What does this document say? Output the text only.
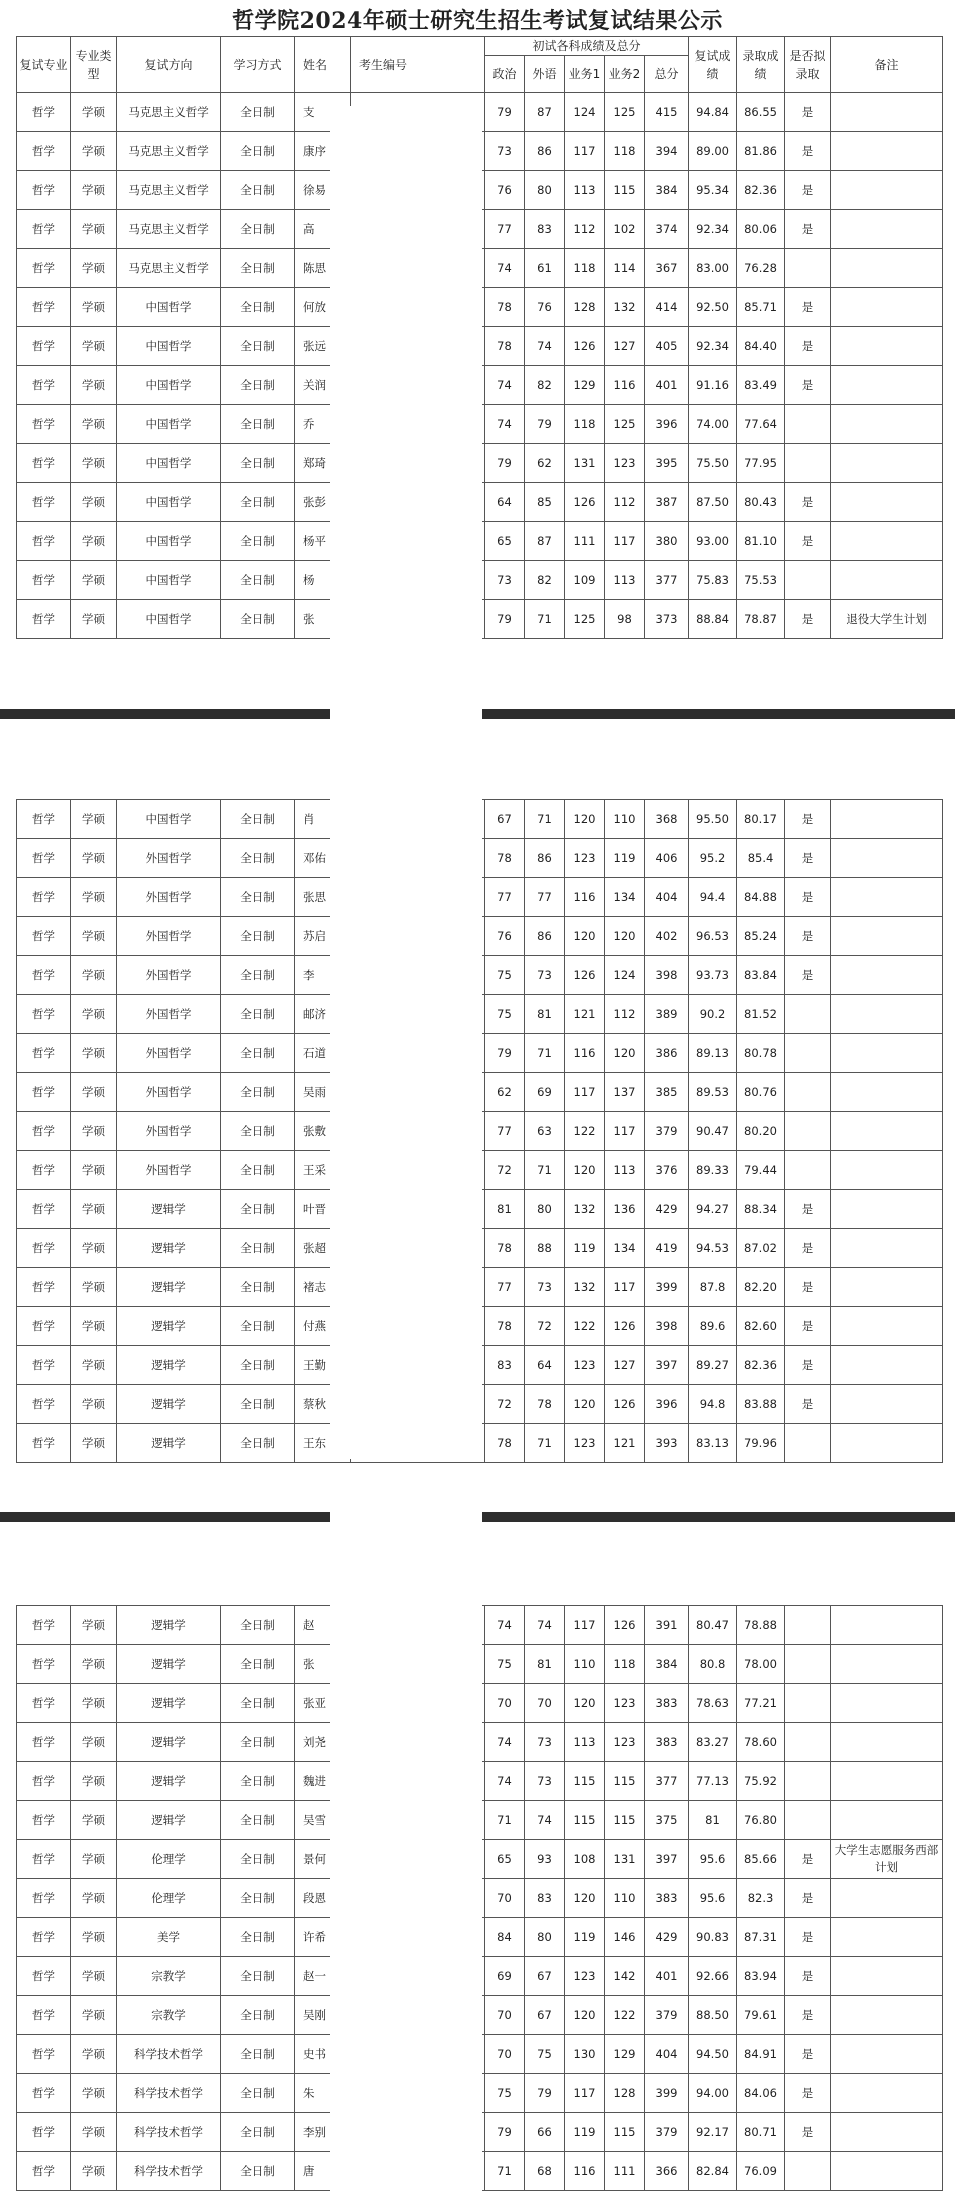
哲学院2024年硕士研究生招生考试复试结果公示
复试专业	专业类型	复试方向	学习方式	姓名	考生编号	初试各科成绩及总分					复试成绩	录取成绩	是否拟录取	备注
						政治	外语	业务1	业务2	总分				
哲学	学硕	马克思主义哲学	全日制	支		79	87	124	125	415	94.84	86.55	是	
哲学	学硕	马克思主义哲学	全日制	康序		73	86	117	118	394	89.00	81.86	是	
哲学	学硕	马克思主义哲学	全日制	徐易		76	80	113	115	384	95.34	82.36	是	
哲学	学硕	马克思主义哲学	全日制	高		77	83	112	102	374	92.34	80.06	是	
哲学	学硕	马克思主义哲学	全日制	陈思		74	61	118	114	367	83.00	76.28		
哲学	学硕	中国哲学	全日制	何放		78	76	128	132	414	92.50	85.71	是	
哲学	学硕	中国哲学	全日制	张远		78	74	126	127	405	92.34	84.40	是	
哲学	学硕	中国哲学	全日制	关润		74	82	129	116	401	91.16	83.49	是	
哲学	学硕	中国哲学	全日制	乔		74	79	118	125	396	74.00	77.64		
哲学	学硕	中国哲学	全日制	郑琦		79	62	131	123	395	75.50	77.95		
哲学	学硕	中国哲学	全日制	张彭		64	85	126	112	387	87.50	80.43	是	
哲学	学硕	中国哲学	全日制	杨平		65	87	111	117	380	93.00	81.10	是	
哲学	学硕	中国哲学	全日制	杨		73	82	109	113	377	75.83	75.53		
哲学	学硕	中国哲学	全日制	张		79	71	125	98	373	88.84	78.87	是	退役大学生计划
哲学	学硕	中国哲学	全日制	肖		67	71	120	110	368	95.50	80.17	是	
哲学	学硕	外国哲学	全日制	邓佑		78	86	123	119	406	95.2	85.4	是	
哲学	学硕	外国哲学	全日制	张思		77	77	116	134	404	94.4	84.88	是	
哲学	学硕	外国哲学	全日制	苏启		76	86	120	120	402	96.53	85.24	是	
哲学	学硕	外国哲学	全日制	李		75	73	126	124	398	93.73	83.84	是	
哲学	学硕	外国哲学	全日制	邮济		75	81	121	112	389	90.2	81.52		
哲学	学硕	外国哲学	全日制	石道		79	71	116	120	386	89.13	80.78		
哲学	学硕	外国哲学	全日制	吴雨		62	69	117	137	385	89.53	80.76		
哲学	学硕	外国哲学	全日制	张敷		77	63	122	117	379	90.47	80.20		
哲学	学硕	外国哲学	全日制	王采		72	71	120	113	376	89.33	79.44		
哲学	学硕	逻辑学	全日制	叶晋		81	80	132	136	429	94.27	88.34	是	
哲学	学硕	逻辑学	全日制	张超		78	88	119	134	419	94.53	87.02	是	
哲学	学硕	逻辑学	全日制	褚志		77	73	132	117	399	87.8	82.20	是	
哲学	学硕	逻辑学	全日制	付燕		78	72	122	126	398	89.6	82.60	是	
哲学	学硕	逻辑学	全日制	王勤		83	64	123	127	397	89.27	82.36	是	
哲学	学硕	逻辑学	全日制	蔡秋		72	78	120	126	396	94.8	83.88	是	
哲学	学硕	逻辑学	全日制	王东		78	71	123	121	393	83.13	79.96		
哲学	学硕	逻辑学	全日制	赵		74	74	117	126	391	80.47	78.88		
哲学	学硕	逻辑学	全日制	张		75	81	110	118	384	80.8	78.00		
哲学	学硕	逻辑学	全日制	张亚		70	70	120	123	383	78.63	77.21		
哲学	学硕	逻辑学	全日制	刘尧		74	73	113	123	383	83.27	78.60		
哲学	学硕	逻辑学	全日制	魏进		74	73	115	115	377	77.13	75.92		
哲学	学硕	逻辑学	全日制	吴雪		71	74	115	115	375	81	76.80		
哲学	学硕	伦理学	全日制	景何		65	93	108	131	397	95.6	85.66	是	大学生志愿服务西部计划
哲学	学硕	伦理学	全日制	段恩		70	83	120	110	383	95.6	82.3	是	
哲学	学硕	美学	全日制	许希		84	80	119	146	429	90.83	87.31	是	
哲学	学硕	宗教学	全日制	赵一		69	67	123	142	401	92.66	83.94	是	
哲学	学硕	宗教学	全日制	吴刚		70	67	120	122	379	88.50	79.61	是	
哲学	学硕	科学技术哲学	全日制	史书		70	75	130	129	404	94.50	84.91	是	
哲学	学硕	科学技术哲学	全日制	朱		75	79	117	128	399	94.00	84.06	是	
哲学	学硕	科学技术哲学	全日制	李别		79	66	119	115	379	92.17	80.71	是	
哲学	学硕	科学技术哲学	全日制	唐		71	68	116	111	366	82.84	76.09		
